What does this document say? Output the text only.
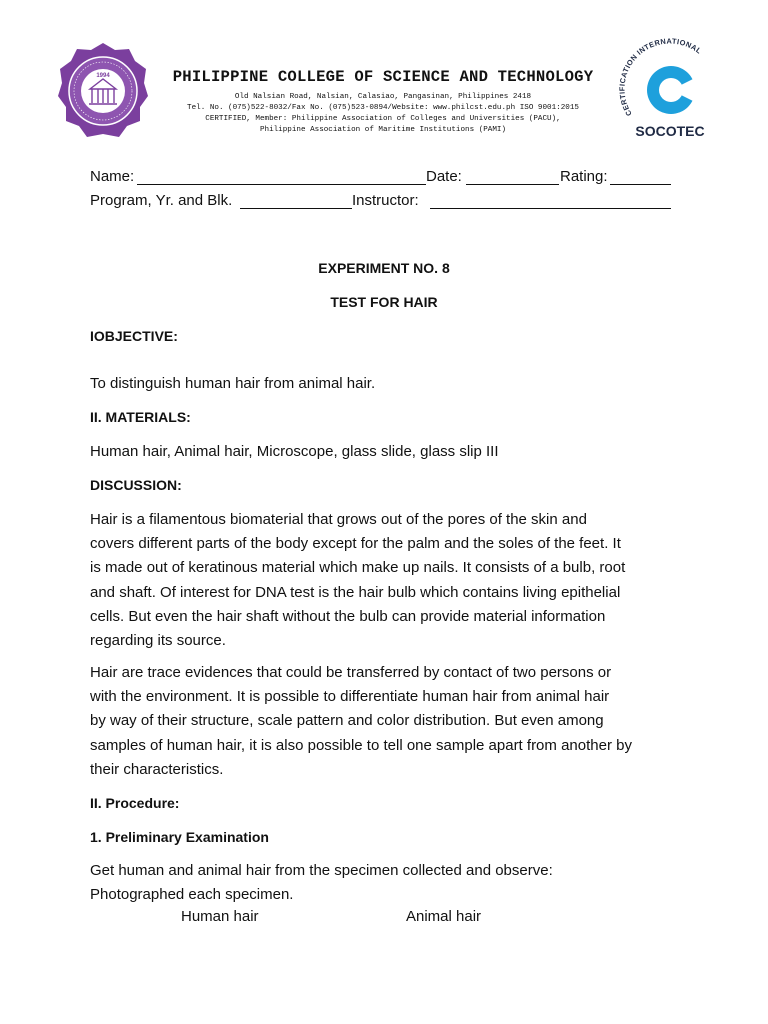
1994	PHILIPPINE COLLEGE OF SCIENCE AND TECHNOLOGY
Old Nalsian Road, Nalsian, Calasiao, Pangasinan, Philippines 2418
Tel. No. (075)522-8032/Fax No. (075)523-0894/Website: www.philcst.edu.ph ISO 9001:2015
CERTIFIED, Member: Philippine Association of Colleges and Universities (PACU),
Philippine Association of Maritime Institutions (PAMI)
CERTIFICATION INTERNATIONAL
SOCOTEC
Name:	Date:	Rating:
Program, Yr. and Blk.	Instructor:
EXPERIMENT NO. 8
TEST FOR HAIR
IOBJECTIVE:
To distinguish human hair from animal hair.
II. MATERIALS:
Human hair, Animal hair, Microscope, glass slide, glass slip III
DISCUSSION:

Hair is a filamentous biomaterial that grows out of the pores of the skin and
covers different parts of the body except for the palm and the soles of the feet. It
is made out of keratinous material which make up nails. It consists of a bulb, root
and shaft. Of interest for DNA test is the hair bulb which contains living epithelial
cells. But even the hair shaft without the bulb can provide material information
regarding its source.

Hair are trace evidences that could be transferred by contact of two persons or
with the environment. It is possible to differentiate human hair from animal hair
by way of their structure, scale pattern and color distribution. But even among
samples of human hair, it is also possible to tell one sample apart from another by
their characteristics.

II. Procedure:
1. Preliminary Examination

Get human and animal hair from the specimen collected and observe:
Photographed each specimen.

Human hair	Animal hair
